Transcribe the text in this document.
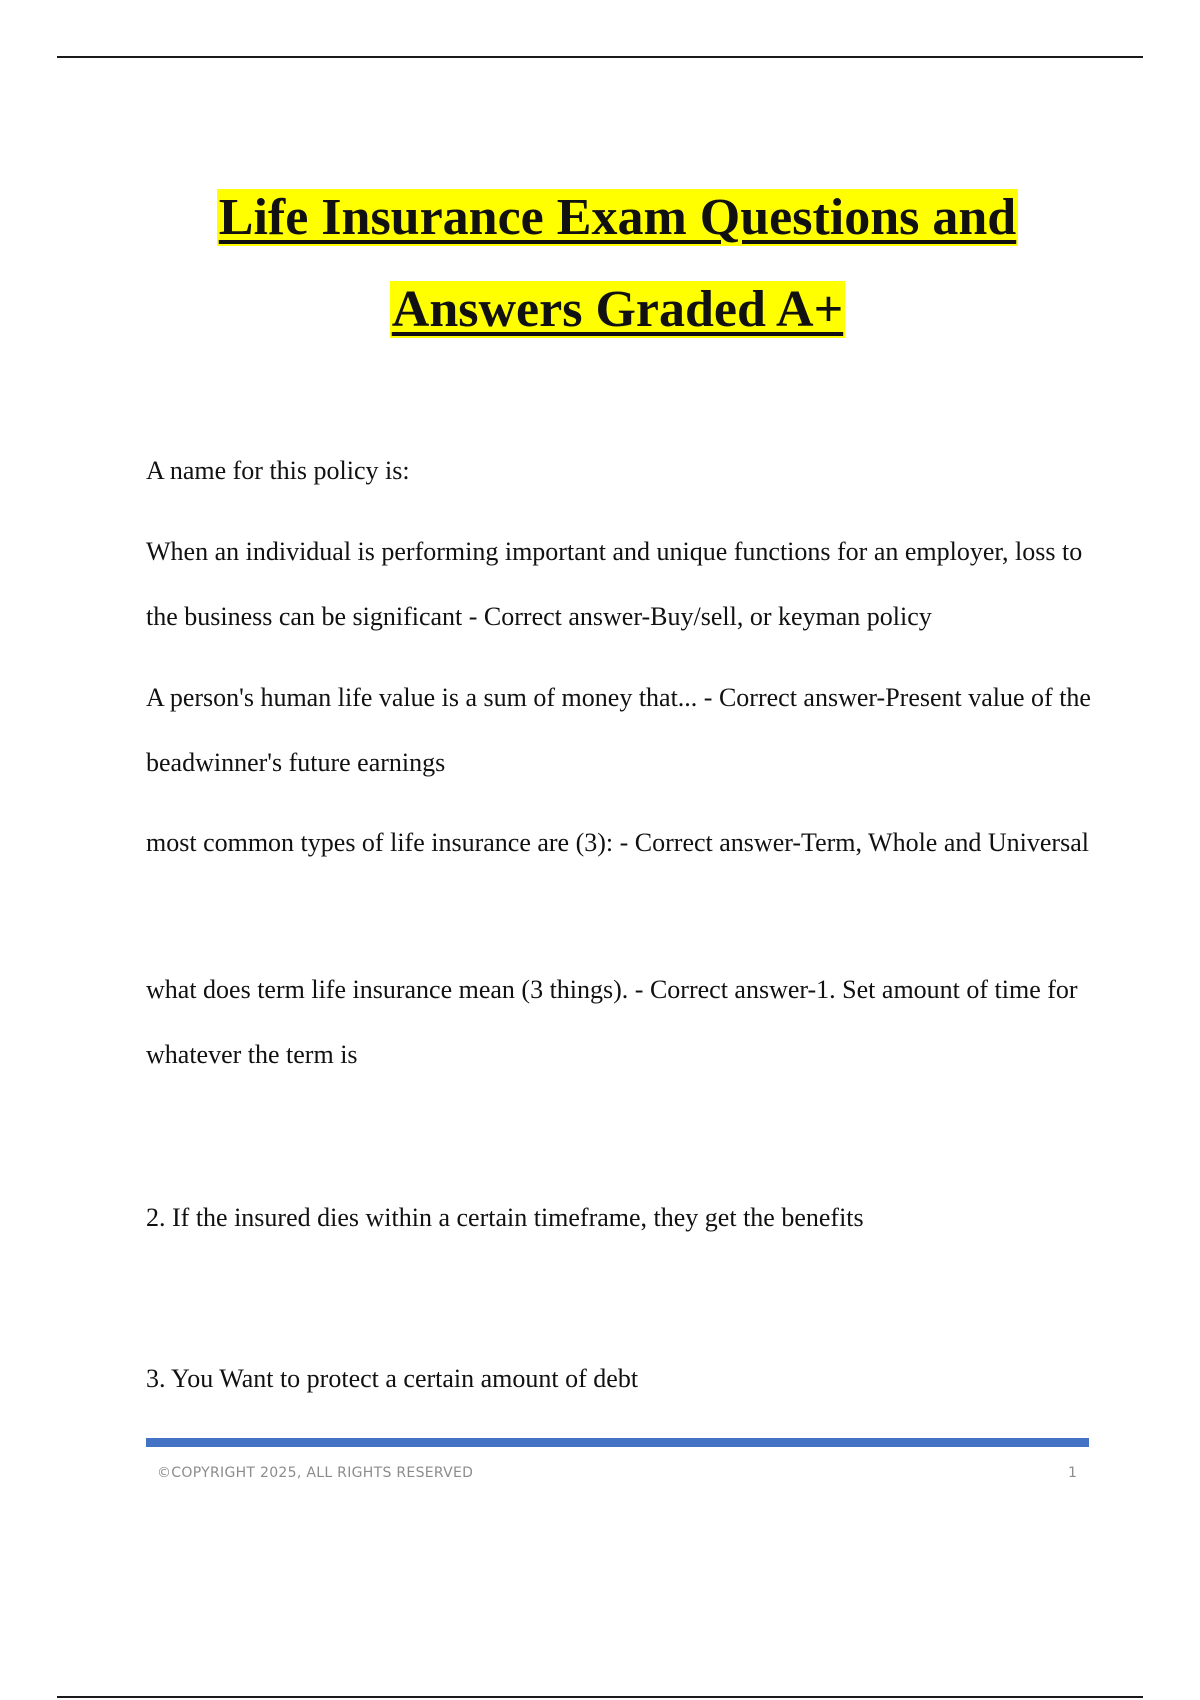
Life Insurance Exam Questions and
Answers Graded A+

A name for this policy is:

When an individual is performing important and unique functions for an employer, loss to the business can be significant - Correct answer-Buy/sell, or keyman policy

A person's human life value is a sum of money that... - Correct answer-Present value of the beadwinner's future earnings

most common types of life insurance are (3): - Correct answer-Term, Whole and Universal

what does term life insurance mean (3 things). - Correct answer-1. Set amount of time for whatever the term is

2. If the insured dies within a certain timeframe, they get the benefits

3. You Want to protect a certain amount of debt

©COPYRIGHT 2025, ALL RIGHTS RESERVED	1
